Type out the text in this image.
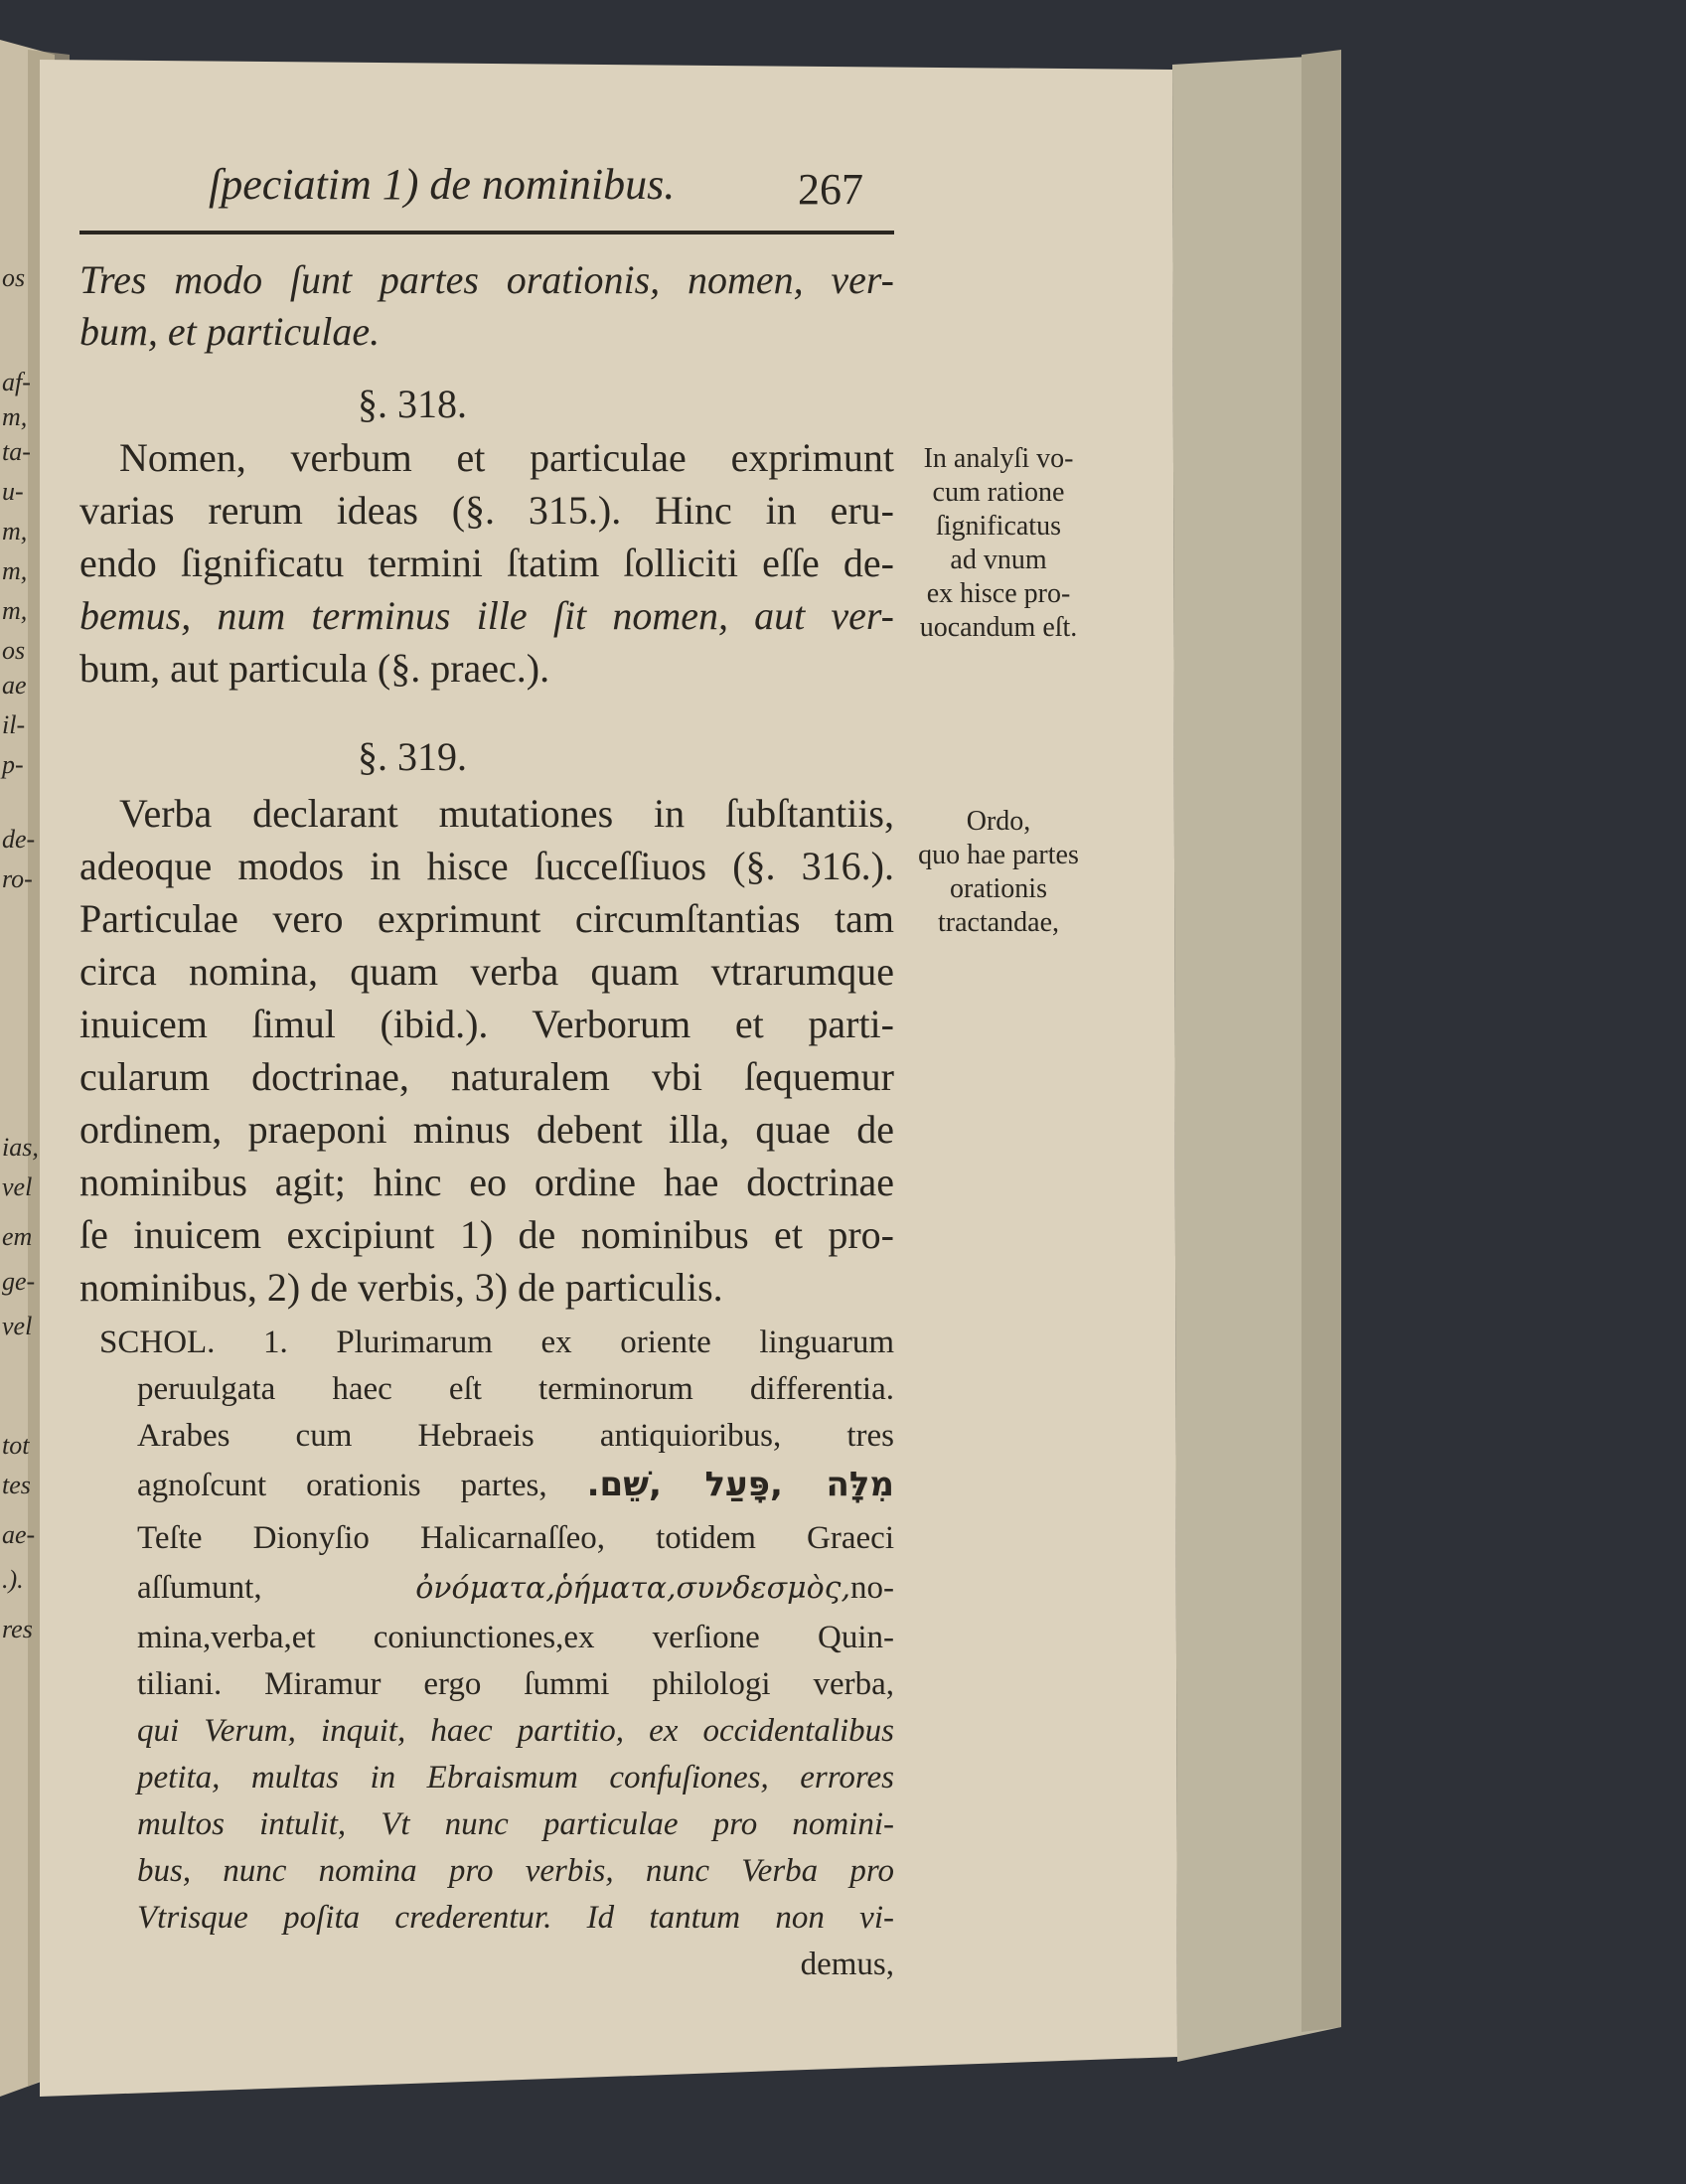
os
af-
m,
ta-
u-
m,
m,
m,
os
ae
il-
p-
de-
ro-
ias,
vel
em
ge-
vel
tot
tes
ae-
.).
res
ſpeciatim 1) de nominibus.	267
Tres modo ſunt partes orationis, nomen, ver-
bum, et particulae.
§. 318.
Nomen, verbum et particulae exprimunt
varias rerum ideas (§. 315.). Hinc in eru-
endo ſignificatu termini ſtatim ſolliciti eſſe de-
bemus, num terminus ille ſit nomen, aut ver-
bum, aut particula (§. praec.).
§. 319.
Verba declarant mutationes in ſubſtantiis,
adeoque modos in hisce ſucceſſiuos (§. 316.).
Particulae vero exprimunt circumſtantias tam
circa nomina, quam verba quam vtrarumque
inuicem ſimul (ibid.). Verborum et parti-
cularum doctrinae, naturalem vbi ſequemur
ordinem, praeponi minus debent illa, quae de
nominibus agit; hinc eo ordine hae doctrinae
ſe inuicem excipiunt 1) de nominibus et pro-
nominibus, 2) de verbis, 3) de particulis.
SCHOL. 1. Plurimarum ex oriente linguarum
peruulgata haec eſt terminorum differentia.
Arabes cum Hebraeis antiquioribus, tres
agnoſcunt orationis partes, מִלָּה ,פָּעַל ,שֵׁם.
Teſte Dionyſio Halicarnaſſeo, totidem Graeci
aſſumunt,	ὀνόματα,ῥήματα,συνδεσμὸς,no-
mina,verba,et coniunctiones,ex verſione Quin-
tiliani. Miramur ergo ſummi philologi verba,
qui Verum, inquit, haec partitio, ex occidentalibus
petita, multas in Ebraismum confuſiones, errores
multos intulit, Vt nunc particulae pro nomini-
bus, nunc nomina pro verbis, nunc Verba pro
Vtrisque poſita crederentur. Id tantum non vi-
demus,
In analyſi vo-
cum ratione
ſignificatus
ad vnum
ex hisce pro-
uocandum eſt.
Ordo,
quo hae partes
orationis
tractandae,
